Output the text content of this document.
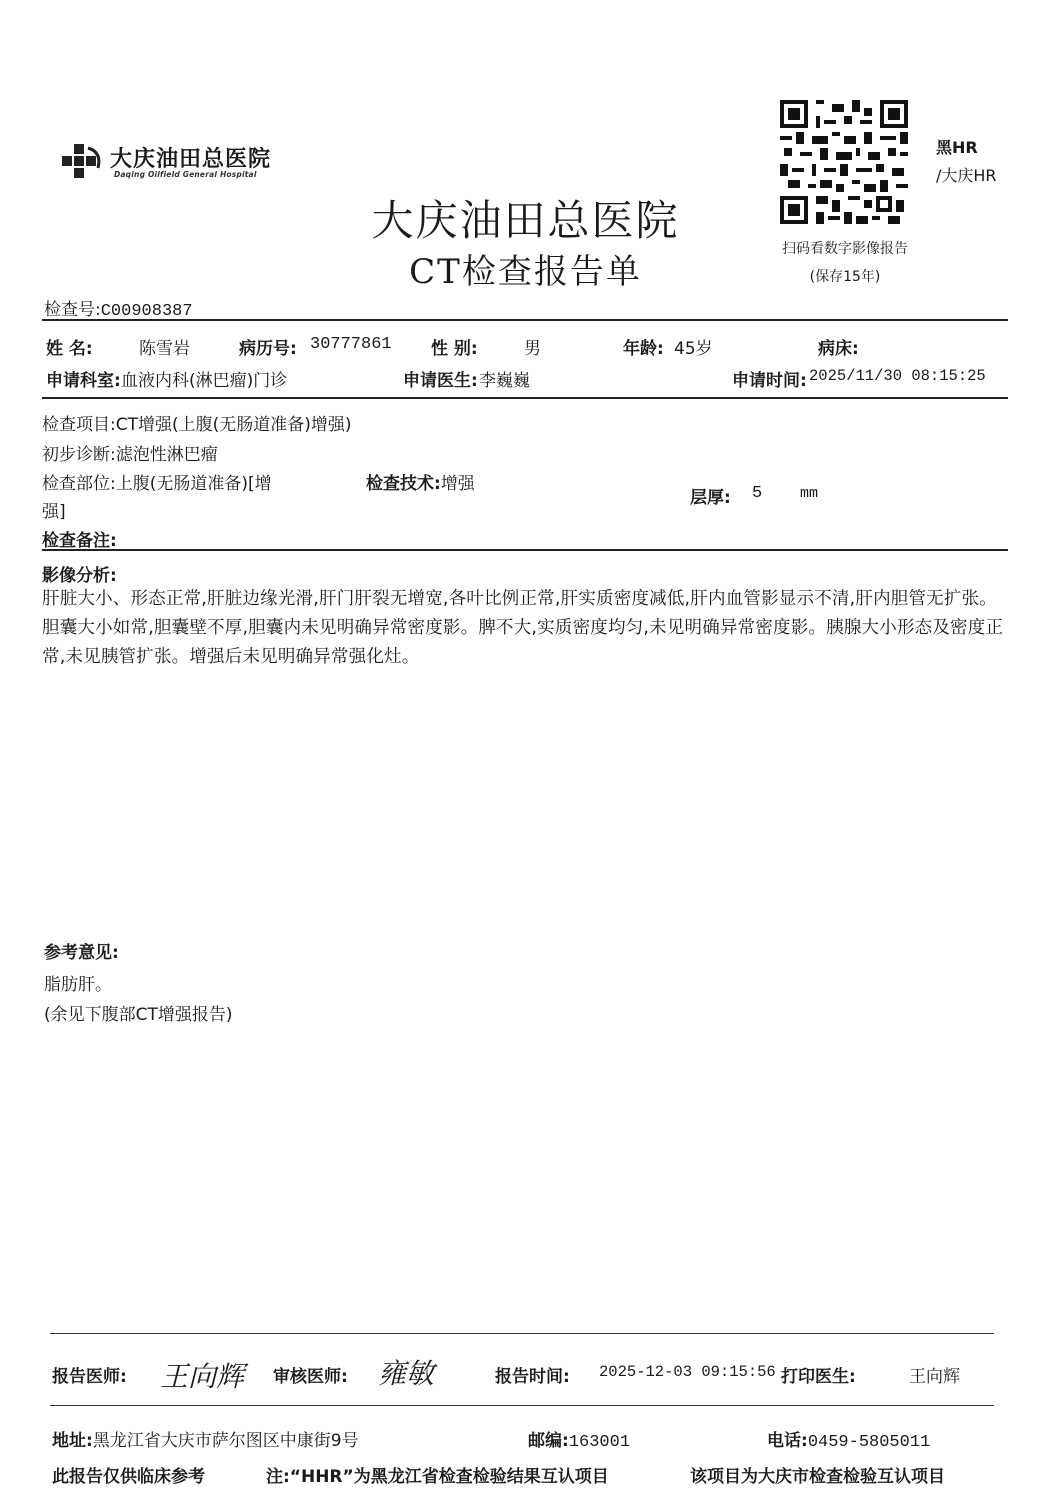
大庆油田总医院
Daqing Oilfield General Hospital
大庆油田总医院
CT检查报告单
黑HR
/大庆HR
扫码看数字影像报告
(保存15年)
检查号:C00908387
姓 名:	陈雪岩	病历号: 30777861 性 别:	男	年龄: 45岁	病床:
申请科室: 血液内科(淋巴瘤)门诊	申请医生: 李巍巍	申请时间: 2025/11/30 08:15:25
检查项目:CT增强(上腹(无肠道准备)增强)
初步诊断:滤泡性淋巴瘤
检查部位:上腹(无肠道准备)[增	检查技术:增强
强]
层厚: 5	mm
检查备注:
影像分析:
肝脏大小、形态正常,肝脏边缘光滑,肝门肝裂无增宽,各叶比例正常,肝实质密度减低,肝内血管影显示不清,肝内胆管无扩张。胆囊大小如常,胆囊壁不厚,胆囊内未见明确异常密度影。脾不大,实质密度均匀,未见明确异常密度影。胰腺大小形态及密度正常,未见胰管扩张。增强后未见明确异常强化灶。
参考意见:
脂肪肝。
(余见下腹部CT增强报告)
报告医师: 王向辉 审核医师: 雍敏	报告时间: 2025-12-03 09:15:56 打印医生:	王向辉
地址:黑龙江省大庆市萨尔图区中康街9号	邮编:163001	电话:0459-5805011
此报告仅供临床参考	注:“HHR”为黑龙江省检查检验结果互认项目	该项目为大庆市检查检验互认项目
